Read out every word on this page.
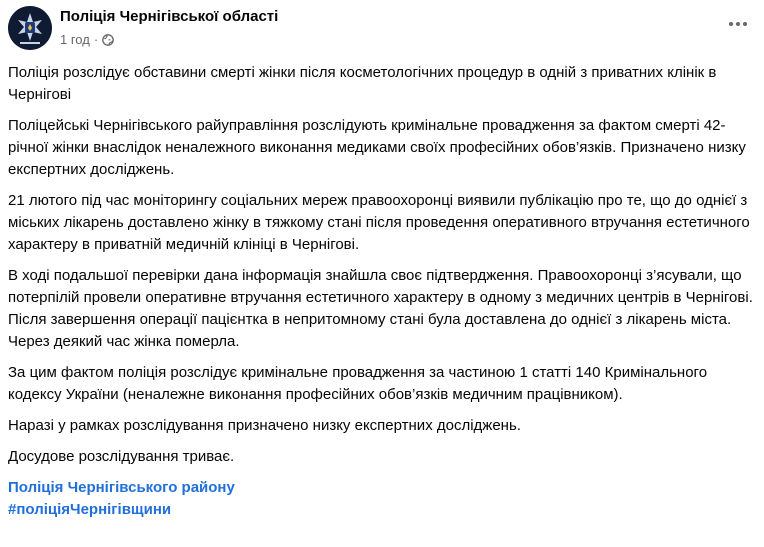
Поліція Чернігівської області
1 год ·

Поліція розслідує обставини смерті жінки після косметологічних процедур в одній з приватних клінік в Чернігові

Поліцейські Чернігівського райуправління розслідують кримінальне провадження за фактом смерті 42-річної жінки внаслідок неналежного виконання медиками своїх професійних обов’язків. Призначено низку експертних досліджень.

21 лютого під час моніторингу соціальних мереж правоохоронці виявили публікацію про те, що до однієї з міських лікарень доставлено жінку в тяжкому стані після проведення оперативного втручання естетичного характеру в приватній медичній клініці в Чернігові.

В ході подальшої перевірки дана інформація знайшла своє підтвердження. Правоохоронці з’ясували, що потерпілій провели оперативне втручання естетичного характеру в одному з медичних центрів в Чернігові. Після завершення операції пацієнтка в непритомному стані була доставлена до однієї з лікарень міста. Через деякий час жінка померла.

За цим фактом поліція розслідує кримінальне провадження за частиною 1 статті 140 Кримінального кодексу України (неналежне виконання професійних обов’язків медичним працівником).

Наразі у рамках розслідування призначено низку експертних досліджень.

Досудове розслідування триває.

Поліція Чернігівського району
#поліціяЧернігівщини
